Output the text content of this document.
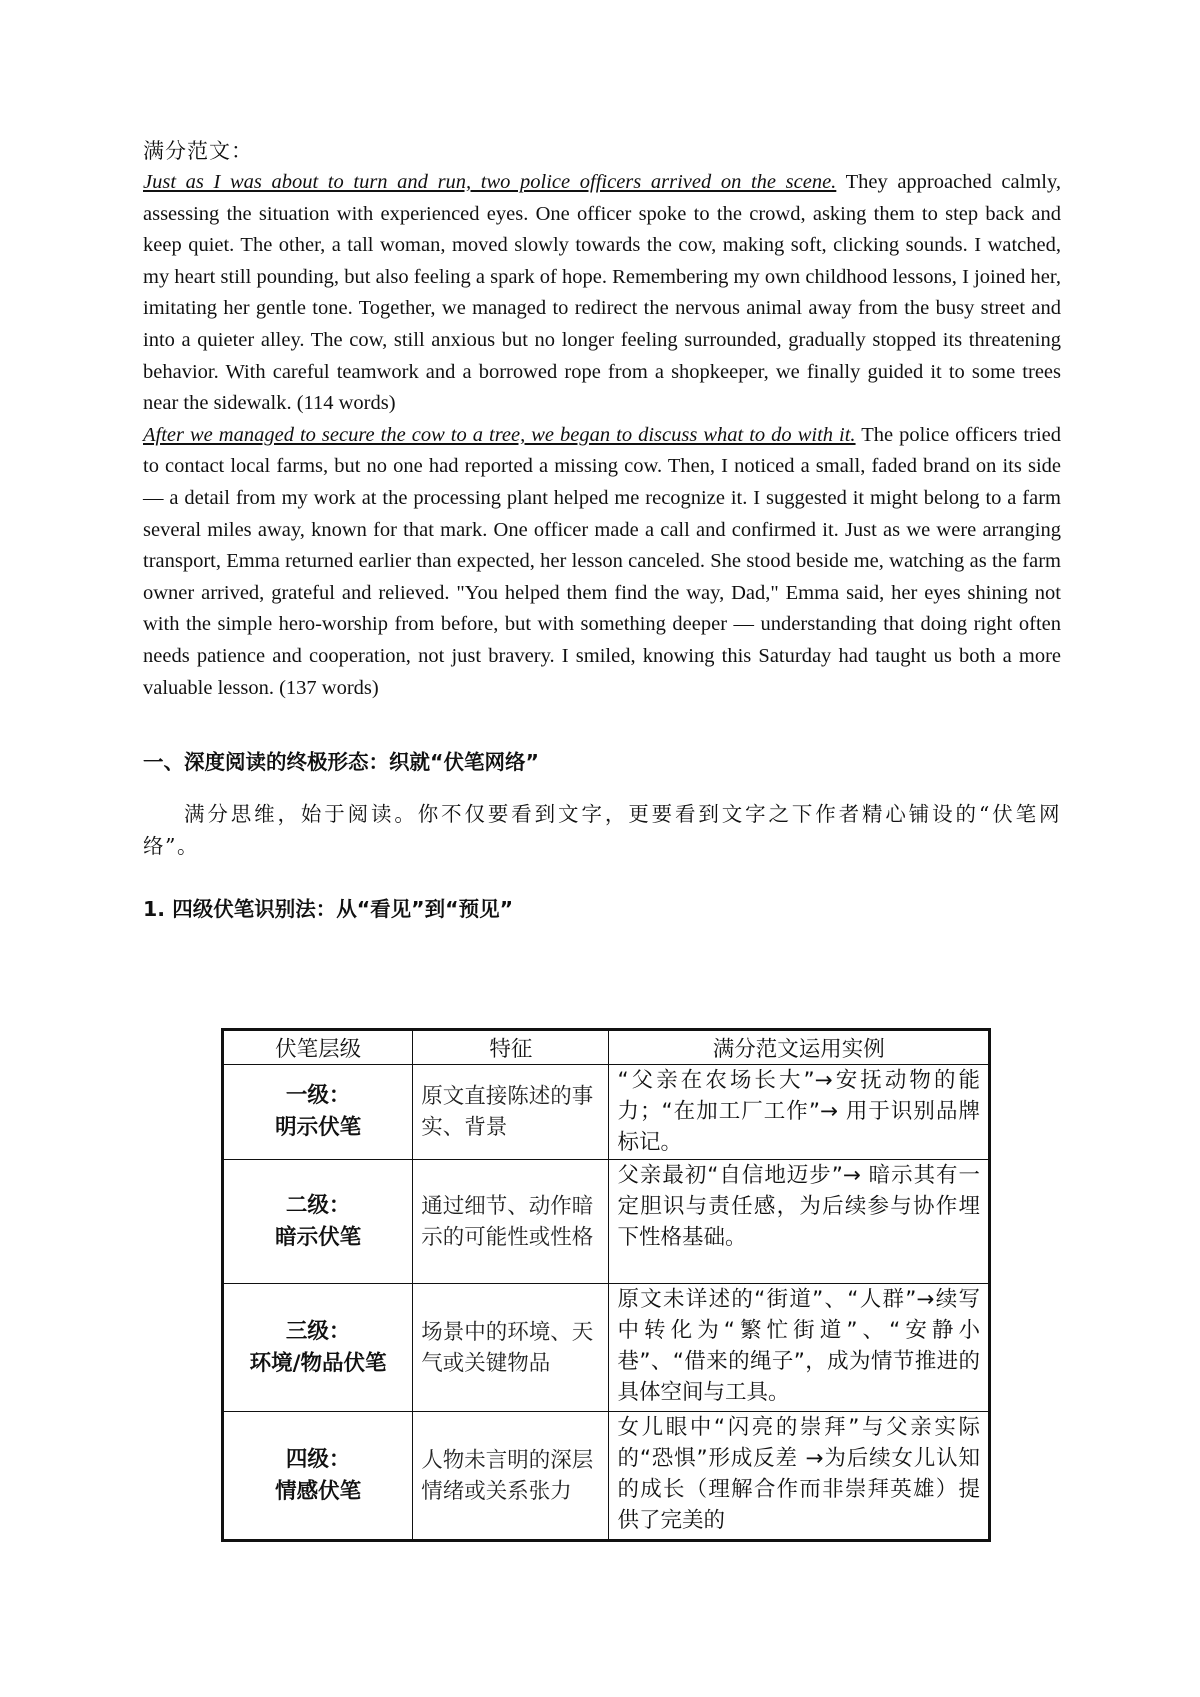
满分范文：

Just as I was about to turn and run, two police officers arrived on the scene. They approached calmly, assessing the situation with experienced eyes. One officer spoke to the crowd, asking them to step back and keep quiet. The other, a tall woman, moved slowly towards the cow, making soft, clicking sounds. I watched, my heart still pounding, but also feeling a spark of hope. Remembering my own childhood lessons, I joined her, imitating her gentle tone. Together, we managed to redirect the nervous animal away from the busy street and into a quieter alley. The cow, still anxious but no longer feeling surrounded, gradually stopped its threatening behavior. With careful teamwork and a borrowed rope from a shopkeeper, we finally guided it to some trees near the sidewalk. (114 words)

After we managed to secure the cow to a tree, we began to discuss what to do with it. The police officers tried to contact local farms, but no one had reported a missing cow. Then, I noticed a small, faded brand on its side — a detail from my work at the processing plant helped me recognize it. I suggested it might belong to a farm several miles away, known for that mark. One officer made a call and confirmed it. Just as we were arranging transport, Emma returned earlier than expected, her lesson canceled. She stood beside me, watching as the farm owner arrived, grateful and relieved. "You helped them find the way, Dad," Emma said, her eyes shining not with the simple hero-worship from before, but with something deeper — understanding that doing right often needs patience and cooperation, not just bravery. I smiled, knowing this Saturday had taught us both a more valuable lesson. (137 words)

一、深度阅读的终极形态：织就“伏笔网络”

满分思维，始于阅读。你不仅要看到文字，更要看到文字之下作者精心铺设的“伏笔网络”。

1. 四级伏笔识别法：从“看见”到“预见”
伏笔层级	特征	满分范文运用实例

一级：
明示伏笔	原文直接陈述的事实、背景	“父亲在农场长大”→安抚动物的能力；“在加工厂工作”→ 用于识别品牌标记。

二级：
暗示伏笔	通过细节、动作暗示的可能性或性格	父亲最初“自信地迈步”→ 暗示其有一定胆识与责任感，为后续参与协作埋下性格基础。

三级：
环境/物品伏笔	场景中的环境、天气或关键物品	原文未详述的“街道”、“人群”→续写中转化为“繁忙街道”、“安静小巷”、“借来的绳子”，成为情节推进的具体空间与工具。

四级：
情感伏笔	人物未言明的深层情绪或关系张力	女儿眼中“闪亮的崇拜”与父亲实际的“恐惧”形成反差 →为后续女儿认知的成长（理解合作而非崇拜英雄）提供了完美的
